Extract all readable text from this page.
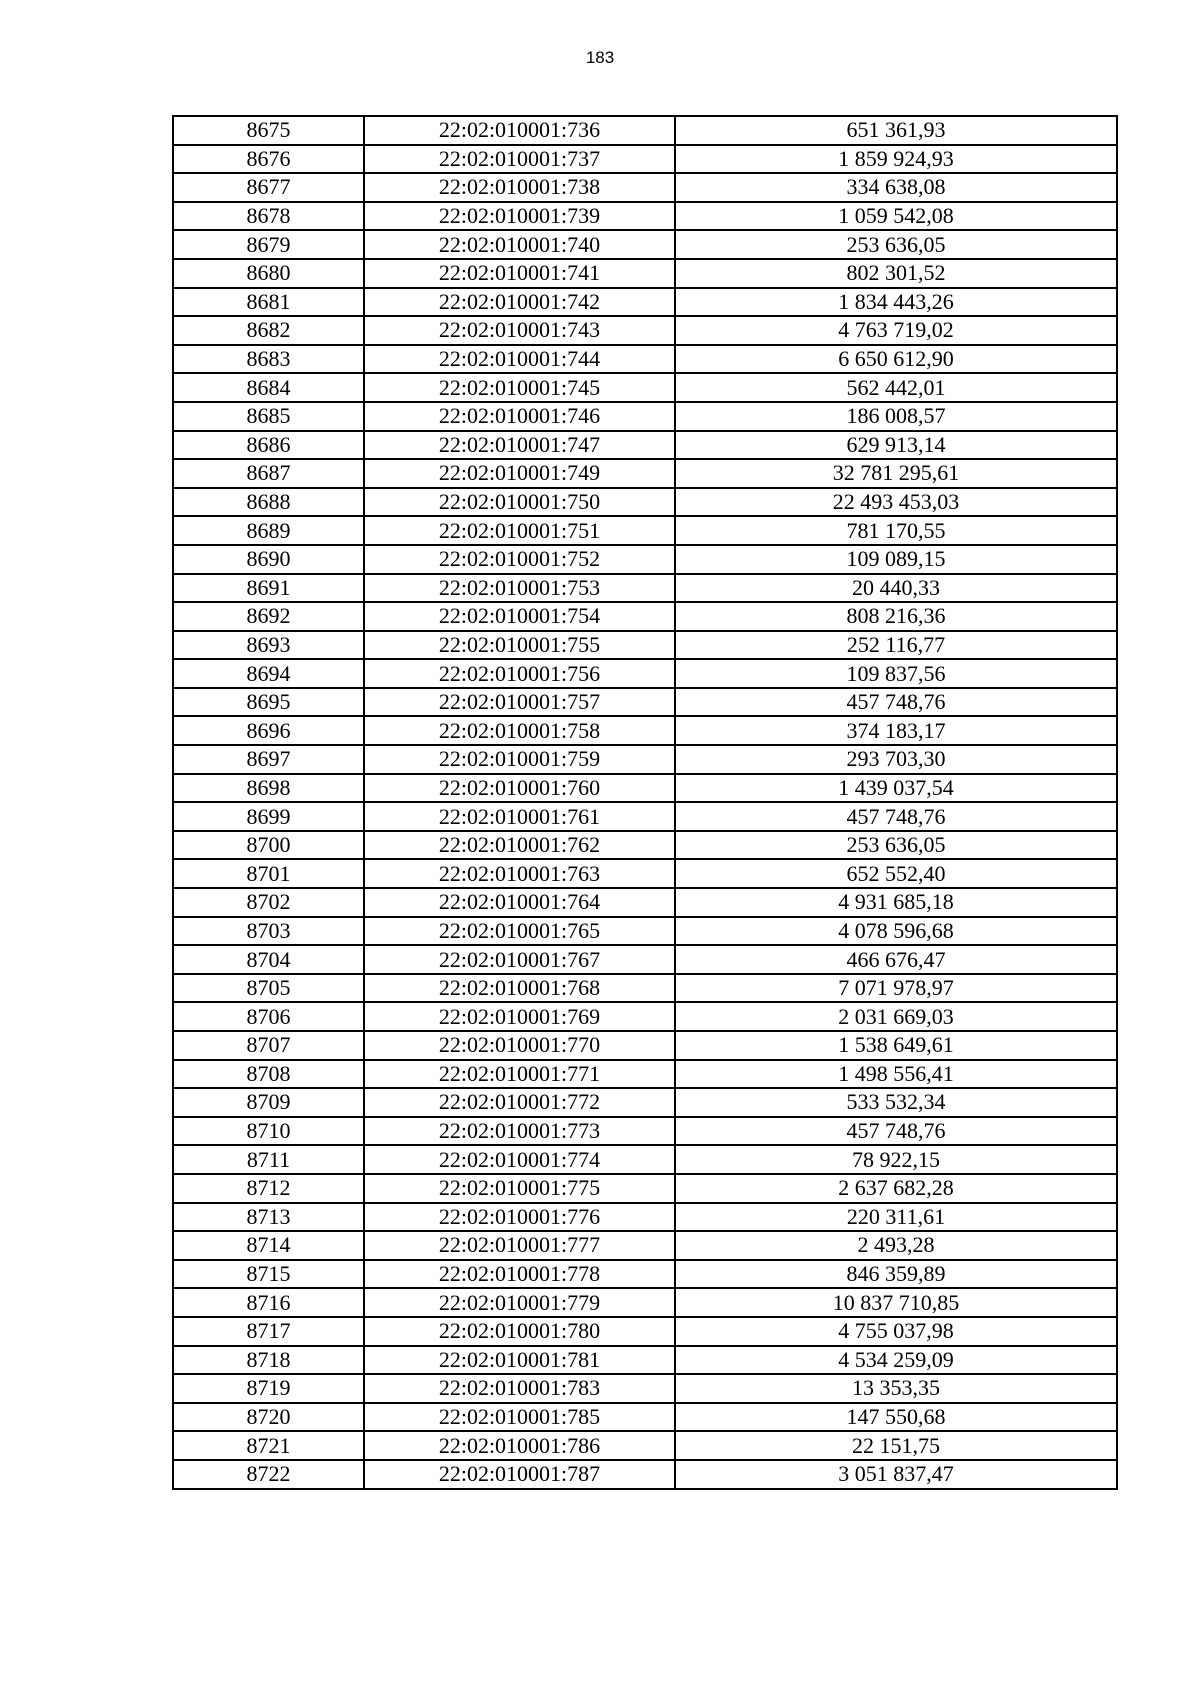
183
8675	22:02:010001:736	651 361,93
8676	22:02:010001:737	1 859 924,93
8677	22:02:010001:738	334 638,08
8678	22:02:010001:739	1 059 542,08
8679	22:02:010001:740	253 636,05
8680	22:02:010001:741	802 301,52
8681	22:02:010001:742	1 834 443,26
8682	22:02:010001:743	4 763 719,02
8683	22:02:010001:744	6 650 612,90
8684	22:02:010001:745	562 442,01
8685	22:02:010001:746	186 008,57
8686	22:02:010001:747	629 913,14
8687	22:02:010001:749	32 781 295,61
8688	22:02:010001:750	22 493 453,03
8689	22:02:010001:751	781 170,55
8690	22:02:010001:752	109 089,15
8691	22:02:010001:753	20 440,33
8692	22:02:010001:754	808 216,36
8693	22:02:010001:755	252 116,77
8694	22:02:010001:756	109 837,56
8695	22:02:010001:757	457 748,76
8696	22:02:010001:758	374 183,17
8697	22:02:010001:759	293 703,30
8698	22:02:010001:760	1 439 037,54
8699	22:02:010001:761	457 748,76
8700	22:02:010001:762	253 636,05
8701	22:02:010001:763	652 552,40
8702	22:02:010001:764	4 931 685,18
8703	22:02:010001:765	4 078 596,68
8704	22:02:010001:767	466 676,47
8705	22:02:010001:768	7 071 978,97
8706	22:02:010001:769	2 031 669,03
8707	22:02:010001:770	1 538 649,61
8708	22:02:010001:771	1 498 556,41
8709	22:02:010001:772	533 532,34
8710	22:02:010001:773	457 748,76
8711	22:02:010001:774	78 922,15
8712	22:02:010001:775	2 637 682,28
8713	22:02:010001:776	220 311,61
8714	22:02:010001:777	2 493,28
8715	22:02:010001:778	846 359,89
8716	22:02:010001:779	10 837 710,85
8717	22:02:010001:780	4 755 037,98
8718	22:02:010001:781	4 534 259,09
8719	22:02:010001:783	13 353,35
8720	22:02:010001:785	147 550,68
8721	22:02:010001:786	22 151,75
8722	22:02:010001:787	3 051 837,47
